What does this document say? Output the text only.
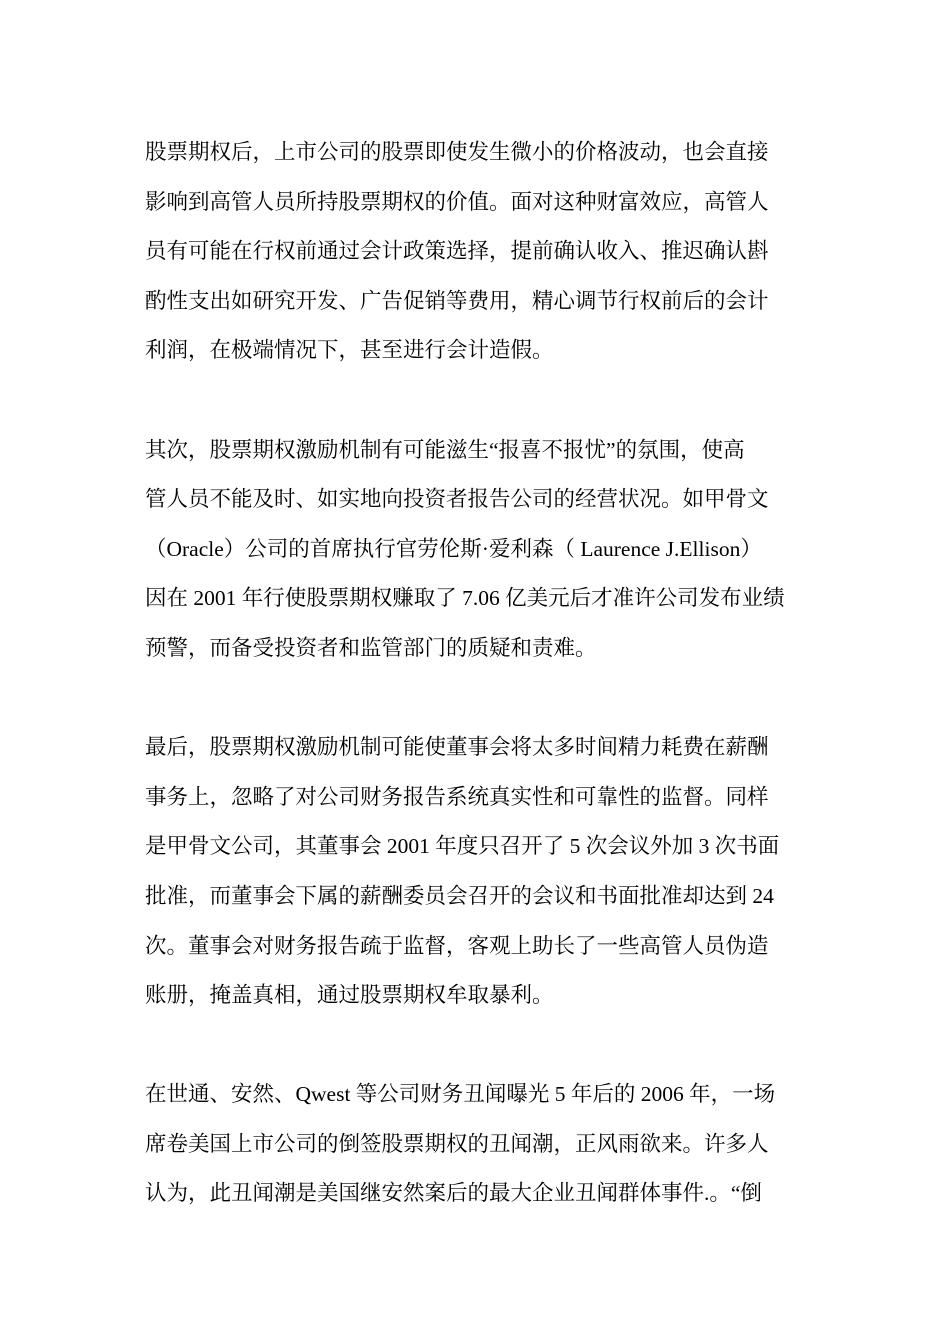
股票期权后，上市公司的股票即使发生微小的价格波动，也会直接
影响到高管人员所持股票期权的价值。面对这种财富效应，高管人
员有可能在行权前通过会计政策选择，提前确认收入、推迟确认斟
酌性支出如研究开发、广告促销等费用，精心调节行权前后的会计
利润，在极端情况下，甚至进行会计造假。

其次，股票期权激励机制有可能滋生“报喜不报忧”的氛围，使高
管人员不能及时、如实地向投资者报告公司的经营状况。如甲骨文
（Oracle）公司的首席执行官劳伦斯·爱利森（ Laurence J.Ellison）
因在 2001 年行使股票期权赚取了 7.06 亿美元后才准许公司发布业绩
预警，而备受投资者和监管部门的质疑和责难。

最后，股票期权激励机制可能使董事会将太多时间精力耗费在薪酬
事务上，忽略了对公司财务报告系统真实性和可靠性的监督。同样
是甲骨文公司，其董事会 2001 年度只召开了 5 次会议外加 3 次书面
批准，而董事会下属的薪酬委员会召开的会议和书面批准却达到 24
次。董事会对财务报告疏于监督，客观上助长了一些高管人员伪造
账册，掩盖真相，通过股票期权牟取暴利。

在世通、安然、Qwest 等公司财务丑闻曝光 5 年后的 2006 年，一场
席卷美国上市公司的倒签股票期权的丑闻潮，正风雨欲来。许多人
认为，此丑闻潮是美国继安然案后的最大企业丑闻群体事件.。“倒
